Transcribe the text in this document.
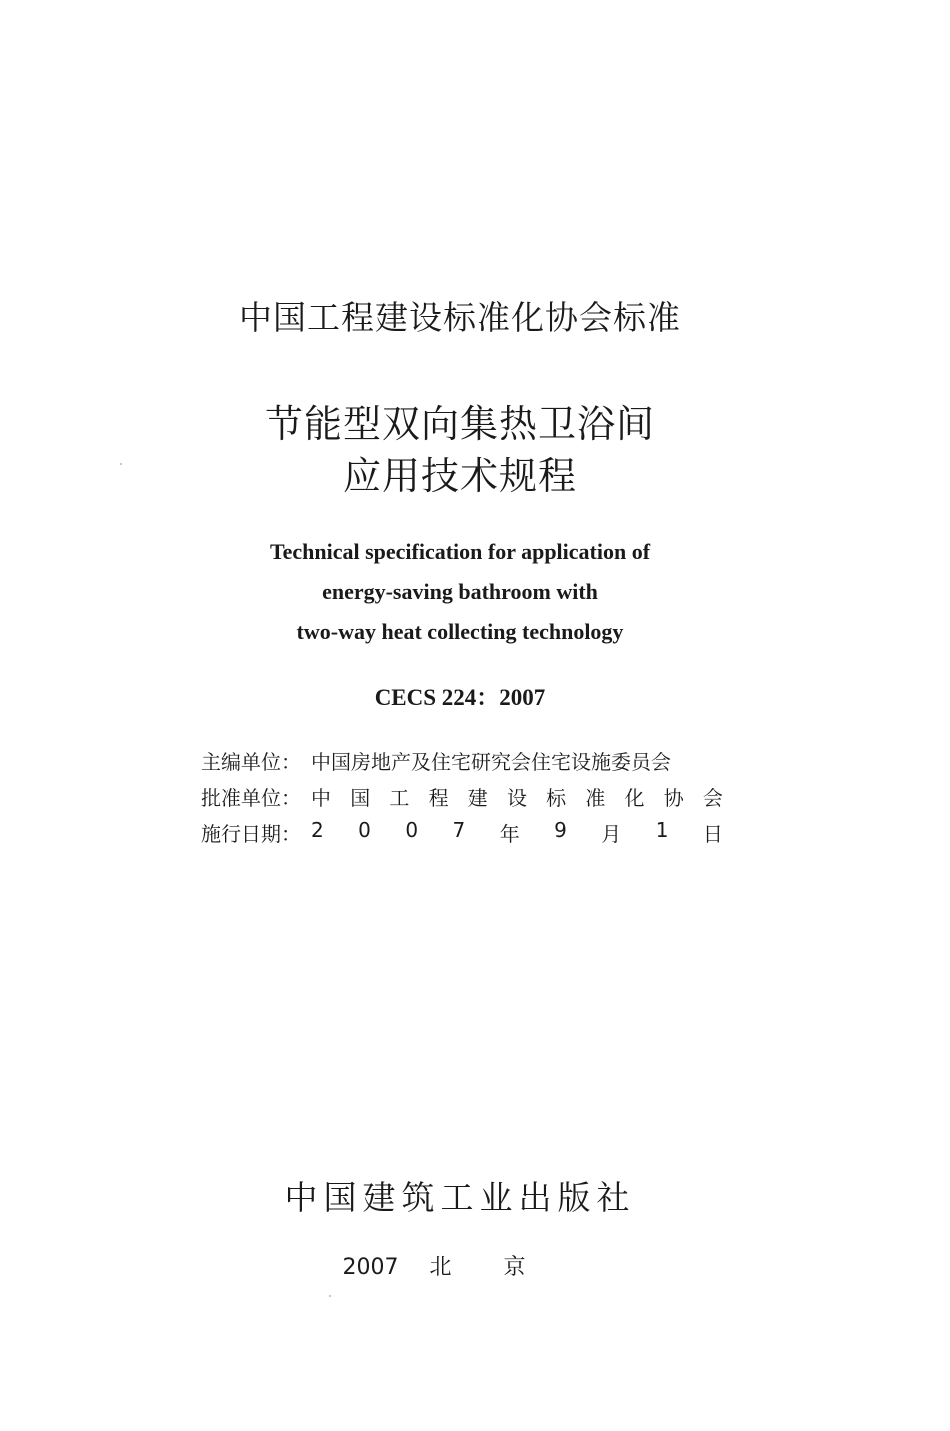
中国工程建设标准化协会标准
节能型双向集热卫浴间
应用技术规程
Technical specification for application of
energy-saving bathroom with
two-way heat collecting technology
CECS 224：2007
主编单位： 中国房地产及住宅研究会住宅设施委员会
批准单位： 中 国 工 程 建 设 标 准 化 协 会
施行日期： 2 0 0 7 年 9 月 1 日
中国建筑工业出版社
2007 北京
